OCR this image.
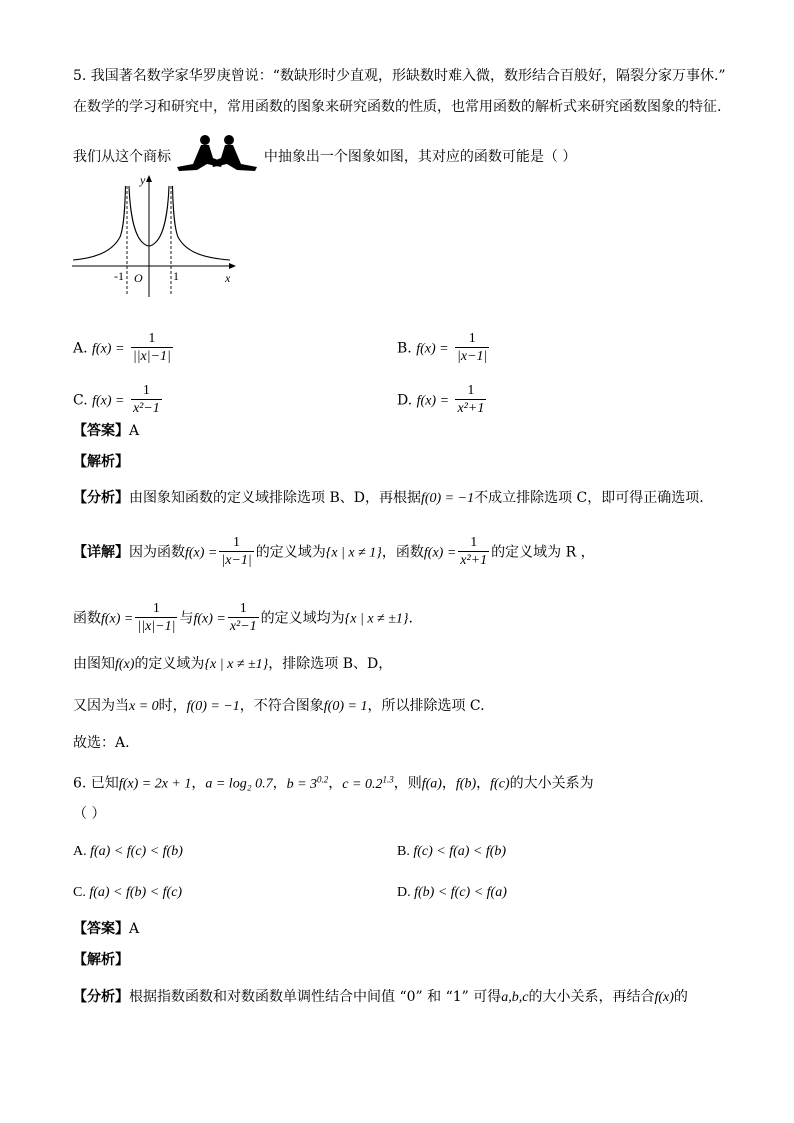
5. 我国著名数学家华罗庚曾说：“数缺形时少直观，形缺数时难入微，数形结合百般好，隔裂分家万事休.”
在数学的学习和研究中，常用函数的图象来研究函数的性质，也常用函数的解析式来研究函数图象的特征.
我们从这个商标	中抽象出一个图象如图，其对应的函数可能是（ ）
y
x
O
-1	1
A. $f(x) = \frac{1}{||x|-1|}$	B. $f(x) = \frac{1}{|x-1|}$
C. $f(x) = \frac{1}{\text{x²−1}}$	D. $f(x) = \frac{1}{\text{x²+1}}$
【答案】A
【解析】
【分析】由图象知函数的定义域排除选项 B、D，再根据f(0) = −1不成立排除选项 C，即可得正确选项.
【详解】因为函数$f(x) = \frac{1}{|x-1|}$ 的定义域为{x | x ≠ 1}，函数$f(x) = \frac{1}{\text{x²+1}}$ 的定义域为 R ，
函数$f(x) = \frac{1}{||x|-1|}$ 与$f(x) = \frac{1}{\text{x²−1}}$ 的定义域均为{x | x ≠ ±1}.
由图知f(x)的定义域为{x | x ≠ ±1}，排除选项 B、D，
又因为当x = 0时，f(0) = −1，不符合图象f(0) = 1，所以排除选项 C.
故选：A.
6. 已知f(x) = 2x + 1，a = log₂ 0.7，$b = 3^{0.2}$，$c = 0.2^{1.3}$，则f(a)，f(b)，f(c)的大小关系为
（ ）
A. f(a) < f(c) < f(b)	B. f(c) < f(a) < f(b)
C. f(a) < f(b) < f(c)	D. f(b) < f(c) < f(a)
【答案】A
【解析】
【分析】根据指数函数和对数函数单调性结合中间值 “0” 和 “1” 可得a,b,c的大小关系，再结合f(x)的
